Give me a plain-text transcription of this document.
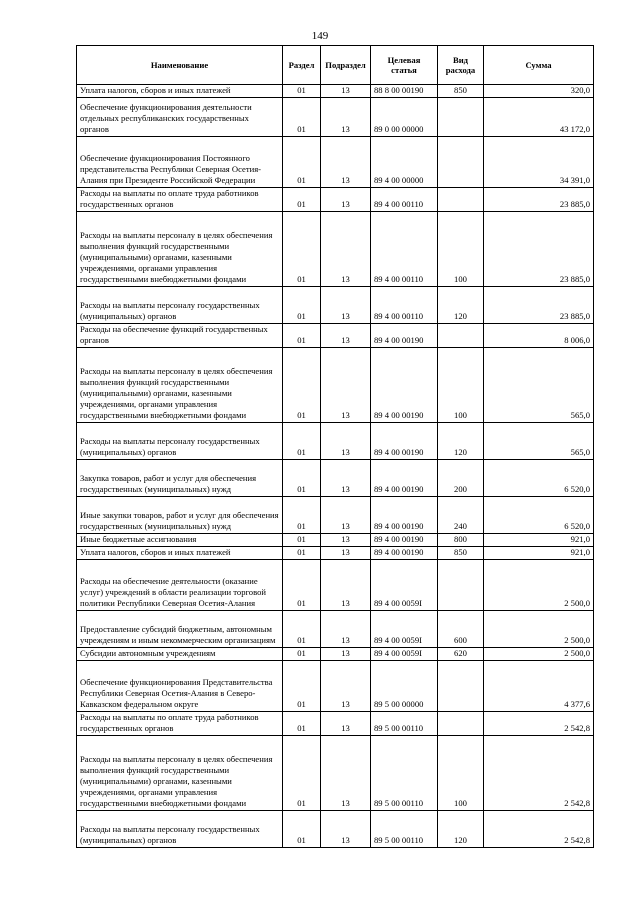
149
Наименование	Раздел	Подраздел	Целевая статья	Вид расхода	Сумма
Уплата налогов, сборов и иных платежей	01	13	88 8 00 00190	850	320,0
Обеспечение функционирования деятельности отдельных республиканских государственных органов	01	13	89 0 00 00000		43 172,0
Обеспечение функционирования Постоянного представительства Республики Северная Осетия-Алания при Президенте Российской Федерации	01	13	89 4 00 00000		34 391,0
Расходы на выплаты по оплате труда работников государственных органов	01	13	89 4 00 00110		23 885,0
Расходы на выплаты персоналу в целях обеспечения выполнения функций государственными (муниципальными) органами, казенными учреждениями, органами управления государственными внебюджетными фондами	01	13	89 4 00 00110	100	23 885,0
Расходы на выплаты персоналу государственных (муниципальных) органов	01	13	89 4 00 00110	120	23 885,0
Расходы на обеспечение функций государственных органов	01	13	89 4 00 00190		8 006,0
Расходы на выплаты персоналу в целях обеспечения выполнения функций государственными (муниципальными) органами, казенными учреждениями, органами управления государственными внебюджетными фондами	01	13	89 4 00 00190	100	565,0
Расходы на выплаты персоналу государственных (муниципальных) органов	01	13	89 4 00 00190	120	565,0
Закупка товаров, работ и услуг для обеспечения государственных (муниципальных) нужд	01	13	89 4 00 00190	200	6 520,0
Иные закупки товаров, работ и услуг для обеспечения государственных (муниципальных) нужд	01	13	89 4 00 00190	240	6 520,0
Иные бюджетные ассигнования	01	13	89 4 00 00190	800	921,0
Уплата налогов, сборов и иных платежей	01	13	89 4 00 00190	850	921,0
Расходы на обеспечение деятельности (оказание услуг) учреждений в области реализации торговой политики Республики Северная Осетия-Алания	01	13	89 4 00 0059I		2 500,0
Предоставление субсидий бюджетным, автономным учреждениям и иным некоммерческим организациям	01	13	89 4 00 0059I	600	2 500,0
Субсидии автономным учреждениям	01	13	89 4 00 0059I	620	2 500,0
Обеспечение функционирования Представительства Республики Северная Осетия-Алания в Северо-Кавказском федеральном округе	01	13	89 5 00 00000		4 377,6
Расходы на выплаты по оплате труда работников государственных органов	01	13	89 5 00 00110		2 542,8
Расходы на выплаты персоналу в целях обеспечения выполнения функций государственными (муниципальными) органами, казенными учреждениями, органами управления государственными внебюджетными фондами	01	13	89 5 00 00110	100	2 542,8
Расходы на выплаты персоналу государственных (муниципальных) органов	01	13	89 5 00 00110	120	2 542,8
